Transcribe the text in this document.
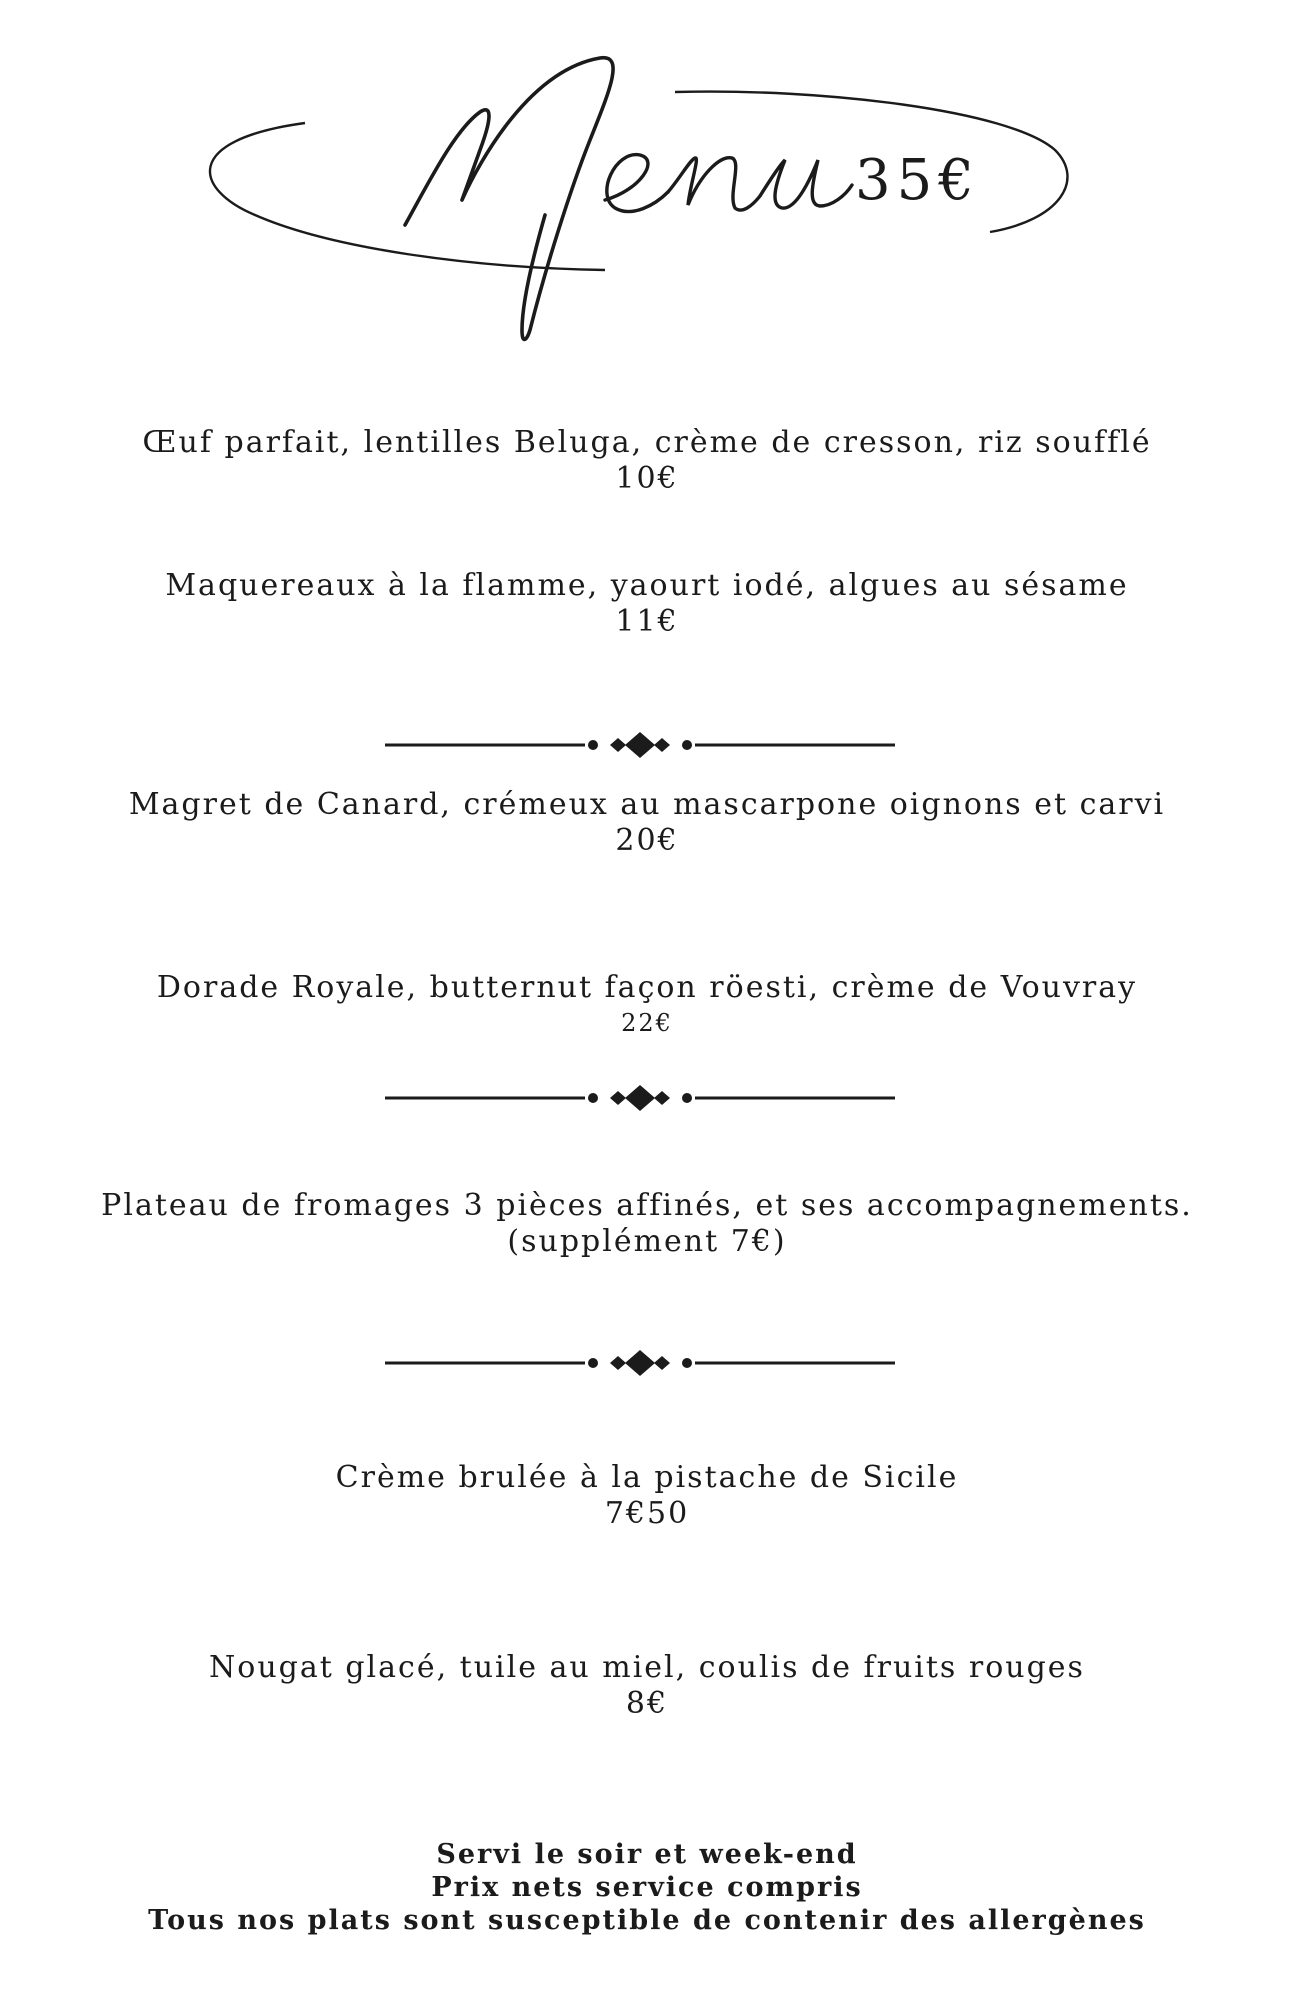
35€
Œuf parfait, lentilles Beluga, crème de cresson, riz soufflé
10€
Maquereaux à la flamme, yaourt iodé, algues au sésame
11€
Magret de Canard, crémeux au mascarpone oignons et carvi
20€
Dorade Royale, butternut façon röesti, crème de Vouvray
22€
Plateau de fromages 3 pièces affinés, et ses accompagnements.
(supplément 7€)
Crème brulée à la pistache de Sicile
7€50
Nougat glacé, tuile au miel, coulis de fruits rouges
8€
Servi le soir et week-end
Prix nets service compris
Tous nos plats sont susceptible de contenir des allergènes
